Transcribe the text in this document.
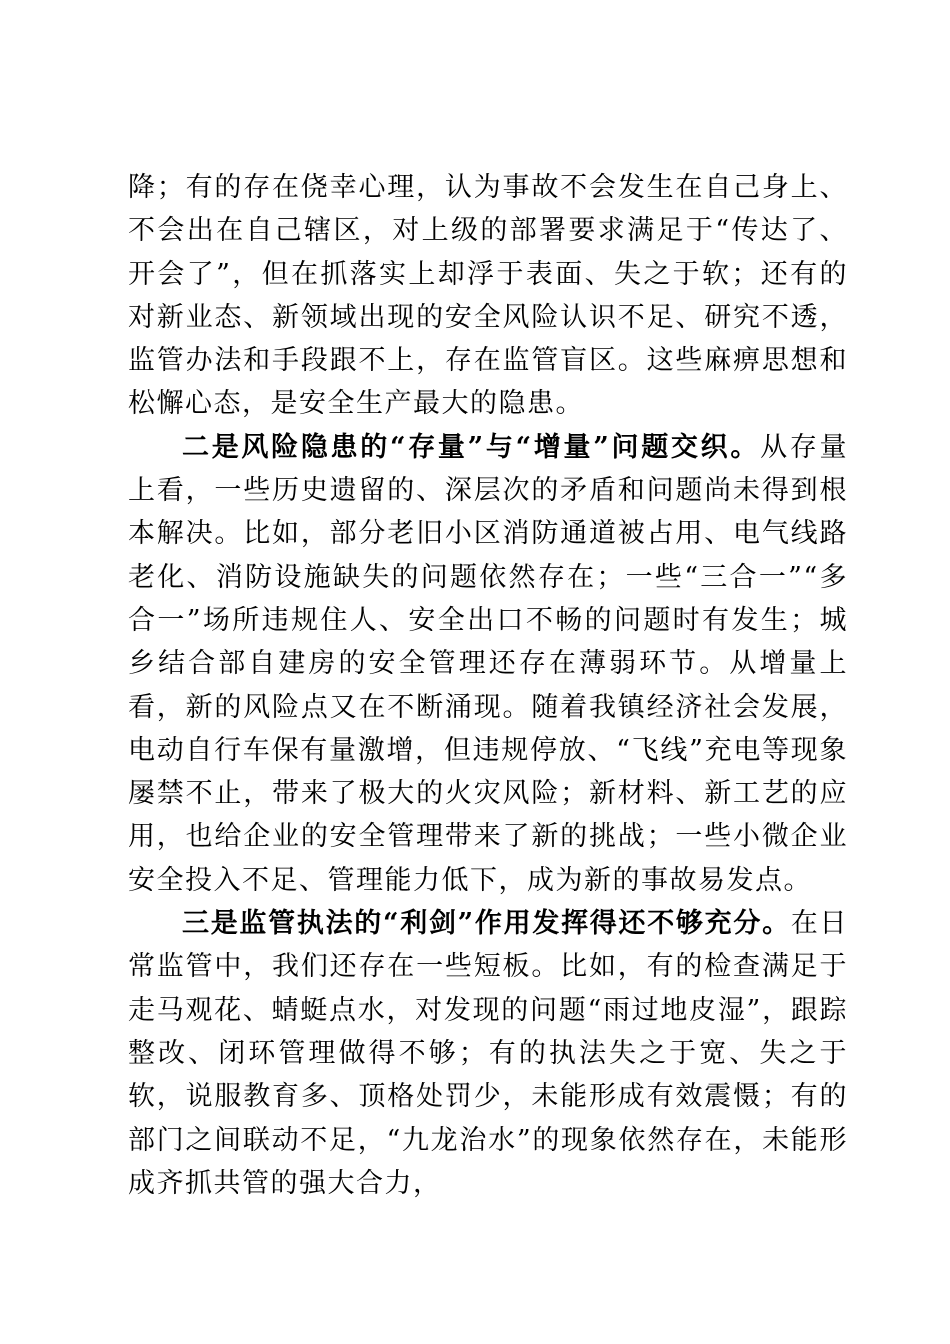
降；有的存在侥幸心理，认为事故不会发生在自己身上、不会出在自己辖区，对上级的部署要求满足于“传达了、开会了”，但在抓落实上却浮于表面、失之于软；还有的对新业态、新领域出现的安全风险认识不足、研究不透，监管办法和手段跟不上，存在监管盲区。这些麻痹思想和松懈心态，是安全生产最大的隐患。

二是风险隐患的“存量”与“增量”问题交织。从存量上看，一些历史遗留的、深层次的矛盾和问题尚未得到根本解决。比如，部分老旧小区消防通道被占用、电气线路老化、消防设施缺失的问题依然存在；一些“三合一”“多合一”场所违规住人、安全出口不畅的问题时有发生；城乡结合部自建房的安全管理还存在薄弱环节。从增量上看，新的风险点又在不断涌现。随着我镇经济社会发展，电动自行车保有量激增，但违规停放、“飞线”充电等现象屡禁不止，带来了极大的火灾风险；新材料、新工艺的应用，也给企业的安全管理带来了新的挑战；一些小微企业安全投入不足、管理能力低下，成为新的事故易发点。

三是监管执法的“利剑”作用发挥得还不够充分。在日常监管中，我们还存在一些短板。比如，有的检查满足于走马观花、蜻蜓点水，对发现的问题“雨过地皮湿”，跟踪整改、闭环管理做得不够；有的执法失之于宽、失之于软，说服教育多、顶格处罚少，未能形成有效震慑；有的部门之间联动不足，“九龙治水”的现象依然存在，未能形成齐抓共管的强大合力，
